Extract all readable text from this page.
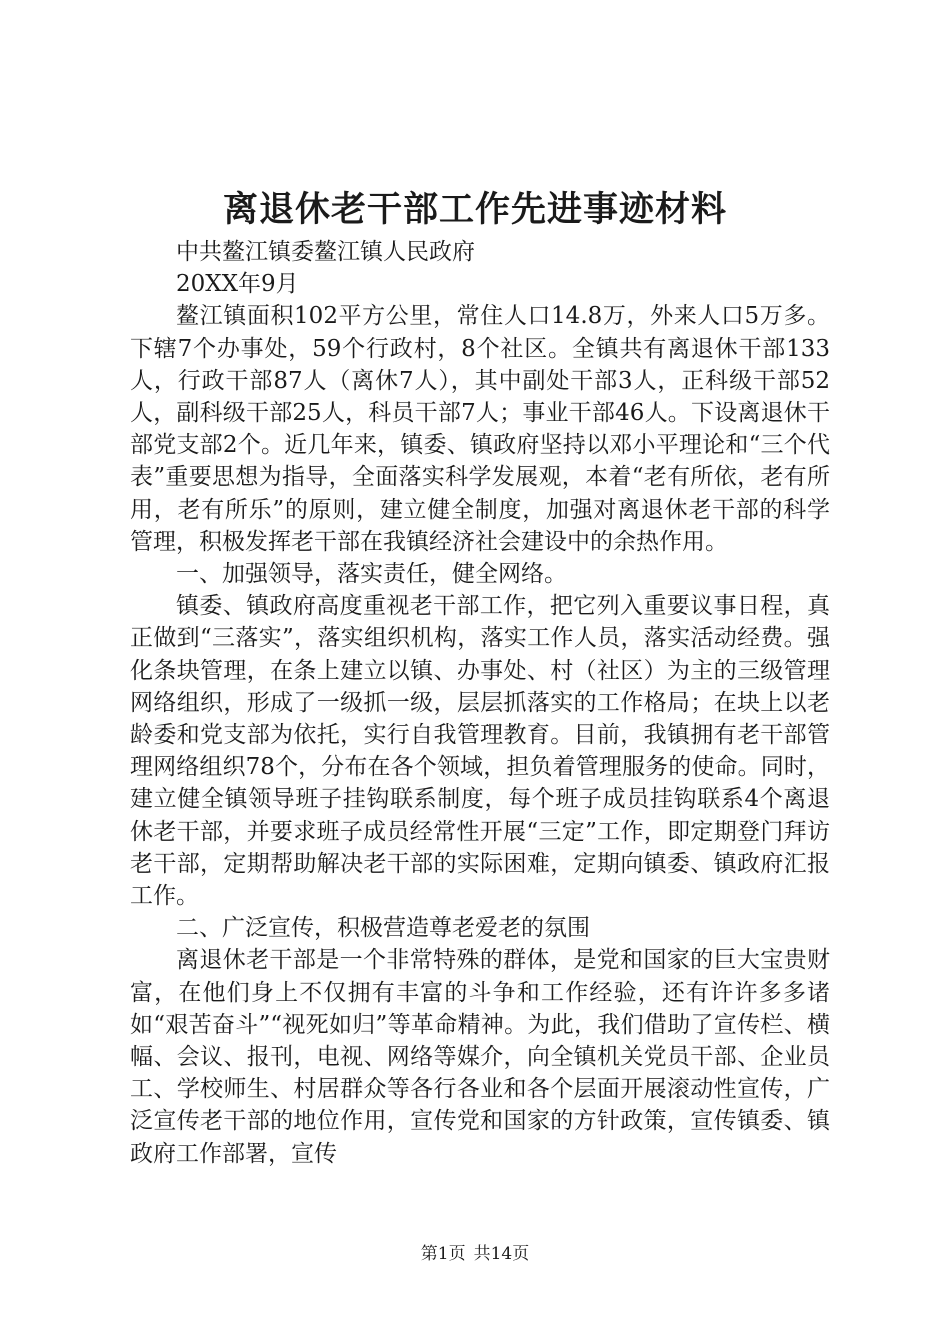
离退休老干部工作先进事迹材料

中共鳌江镇委鳌江镇人民政府

20XX年9月

鳌江镇面积102平方公里，常住人口14.8万，外来人口5万多。下辖7个办事处，59个行政村，8个社区。全镇共有离退休干部133人，行政干部87人（离休7人），其中副处干部3人，正科级干部52人，副科级干部25人，科员干部7人；事业干部46人。下设离退休干部党支部2个。近几年来，镇委、镇政府坚持以邓小平理论和“三个代表”重要思想为指导，全面落实科学发展观，本着“老有所依，老有所用，老有所乐”的原则，建立健全制度，加强对离退休老干部的科学管理，积极发挥老干部在我镇经济社会建设中的余热作用。

一、加强领导，落实责任，健全网络。

镇委、镇政府高度重视老干部工作，把它列入重要议事日程，真正做到“三落实”，落实组织机构，落实工作人员，落实活动经费。强化条块管理，在条上建立以镇、办事处、村（社区）为主的三级管理网络组织，形成了一级抓一级，层层抓落实的工作格局；在块上以老龄委和党支部为依托，实行自我管理教育。目前，我镇拥有老干部管理网络组织78个，分布在各个领域，担负着管理服务的使命。同时，建立健全镇领导班子挂钩联系制度，每个班子成员挂钩联系4个离退休老干部，并要求班子成员经常性开展“三定”工作，即定期登门拜访老干部，定期帮助解决老干部的实际困难，定期向镇委、镇政府汇报工作。

二、广泛宣传，积极营造尊老爱老的氛围

离退休老干部是一个非常特殊的群体，是党和国家的巨大宝贵财富，在他们身上不仅拥有丰富的斗争和工作经验，还有许许多多诸如“艰苦奋斗”“视死如归”等革命精神。为此，我们借助了宣传栏、横幅、会议、报刊，电视、网络等媒介，向全镇机关党员干部、企业员工、学校师生、村居群众等各行各业和各个层面开展滚动性宣传，广泛宣传老干部的地位作用，宣传党和国家的方针政策，宣传镇委、镇政府工作部署，宣传

第1页 共14页
